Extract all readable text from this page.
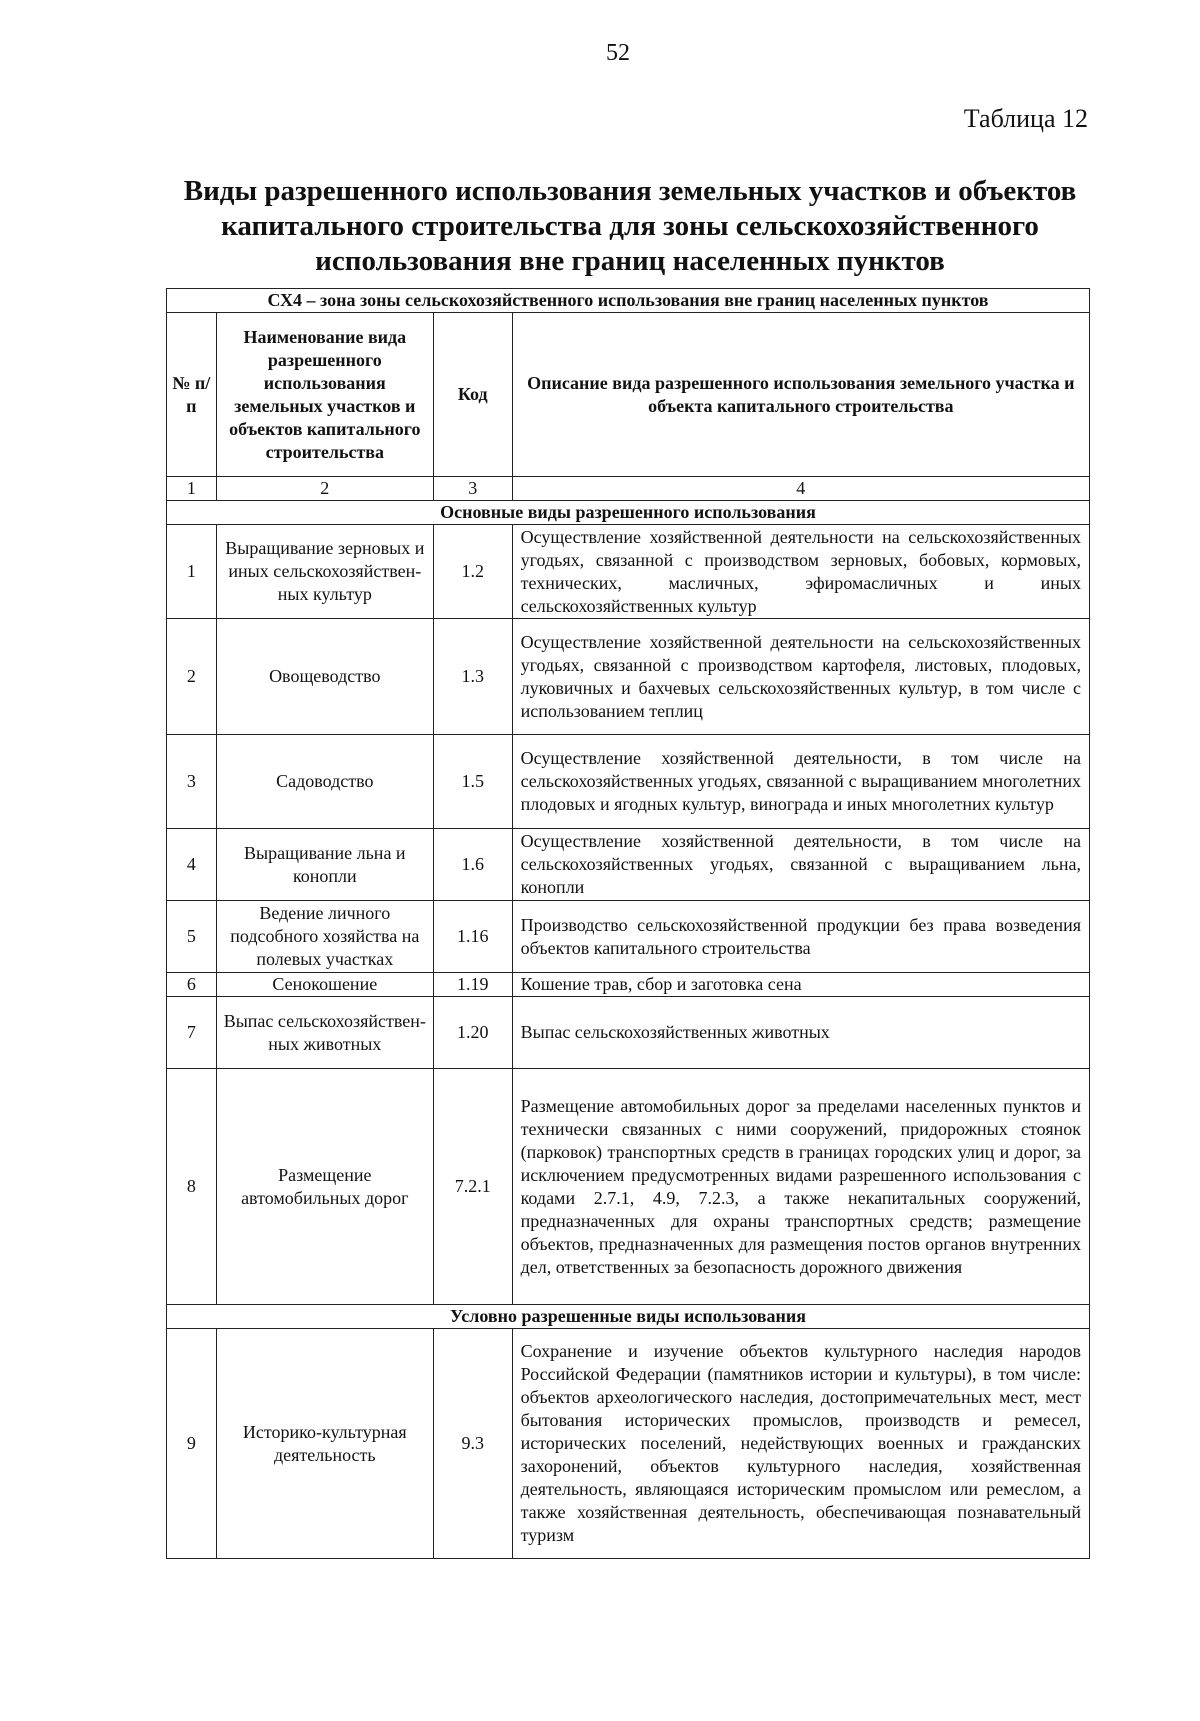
52
Таблица 12
Виды разрешенного использования земельных участков и объектов капитального строительства для зоны сельскохозяйственного использования вне границ населенных пунктов
СХ4 – зона зоны сельскохозяйственного использования вне границ населенных пунктов			
№ п/п	Наименование вида разрешенного использования земельных участков и объектов капитального строительства	Код	Описание вида разрешенного использования земельного участка и объекта капитального строительства
1	2	3	4
Основные виды разрешенного использования			
1	Выращивание зерновых и иных сельскохозяйствен-ных культур	1.2	Осуществление хозяйственной деятельности на сельскохозяйственных угодьях, связанной с производством зерновых, бобовых, кормовых, технических, масличных, эфиромасличных и иных сельскохозяйственных культур
2	Овощеводство	1.3	Осуществление хозяйственной деятельности на сельскохозяйственных угодьях, связанной с производством картофеля, листовых, плодовых, луковичных и бахчевых сельскохозяйственных культур, в том числе с использованием теплиц
3	Садоводство	1.5	Осуществление хозяйственной деятельности, в том числе на сельскохозяйственных угодьях, связанной с выращиванием многолетних плодовых и ягодных культур, винограда и иных многолетних культур
4	Выращивание льна и конопли	1.6	Осуществление хозяйственной деятельности, в том числе на сельскохозяйственных угодьях, связанной с выращиванием льна, конопли
5	Ведение личного подсобного хозяйства на полевых участках	1.16	Производство сельскохозяйственной продукции без права возведения объектов капитального строительства
6	Сенокошение	1.19	Кошение трав, сбор и заготовка сена
7	Выпас сельскохозяйствен-ных животных	1.20	Выпас сельскохозяйственных животных
8	Размещение автомобильных дорог	7.2.1	Размещение автомобильных дорог за пределами населенных пунктов и технически связанных с ними сооружений, придорожных стоянок (парковок) транспортных средств в границах городских улиц и дорог, за исключением предусмотренных видами разрешенного использования с кодами 2.7.1, 4.9, 7.2.3, а также некапитальных сооружений, предназначенных для охраны транспортных средств; размещение объектов, предназначенных для размещения постов органов внутренних дел, ответственных за безопасность дорожного движения
Условно разрешенные виды использования			
9	Историко-культурная деятельность	9.3	Сохранение и изучение объектов культурного наследия народов Российской Федерации (памятников истории и культуры), в том числе: объектов археологического наследия, достопримечательных мест, мест бытования исторических промыслов, производств и ремесел, исторических поселений, недействующих военных и гражданских захоронений, объектов культурного наследия, хозяйственная деятельность, являющаяся историческим промыслом или ремеслом, а также хозяйственная деятельность, обеспечивающая познавательный туризм
